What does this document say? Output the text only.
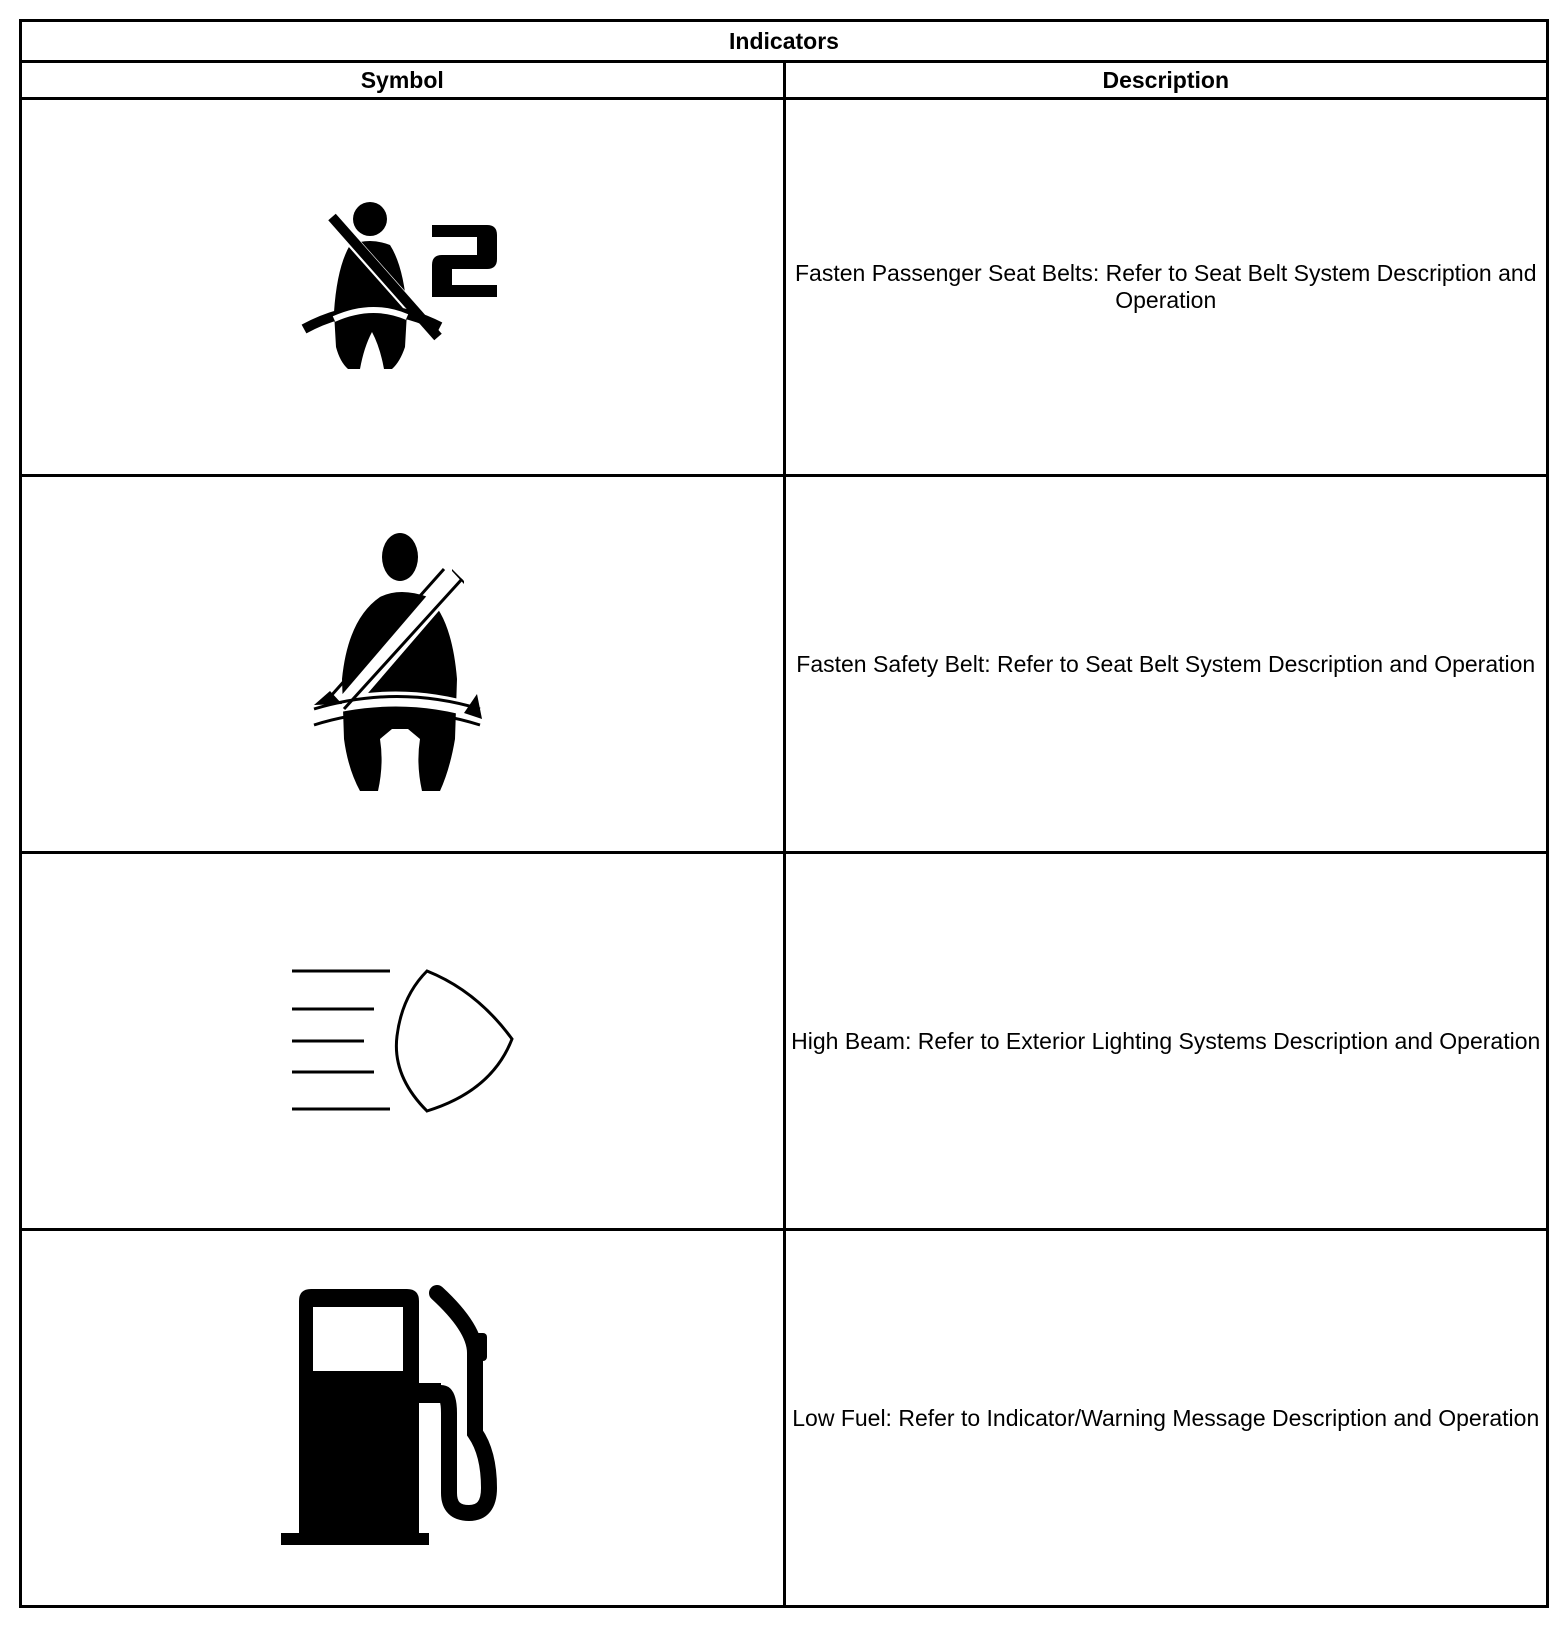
Indicators	
Symbol	Description

	Fasten Passenger Seat Belts: Refer to Seat Belt System Description and Operation

	Fasten Safety Belt: Refer to Seat Belt System Description and Operation

	High Beam: Refer to Exterior Lighting Systems Description and Operation

	Low Fuel: Refer to Indicator/Warning Message Description and Operation
